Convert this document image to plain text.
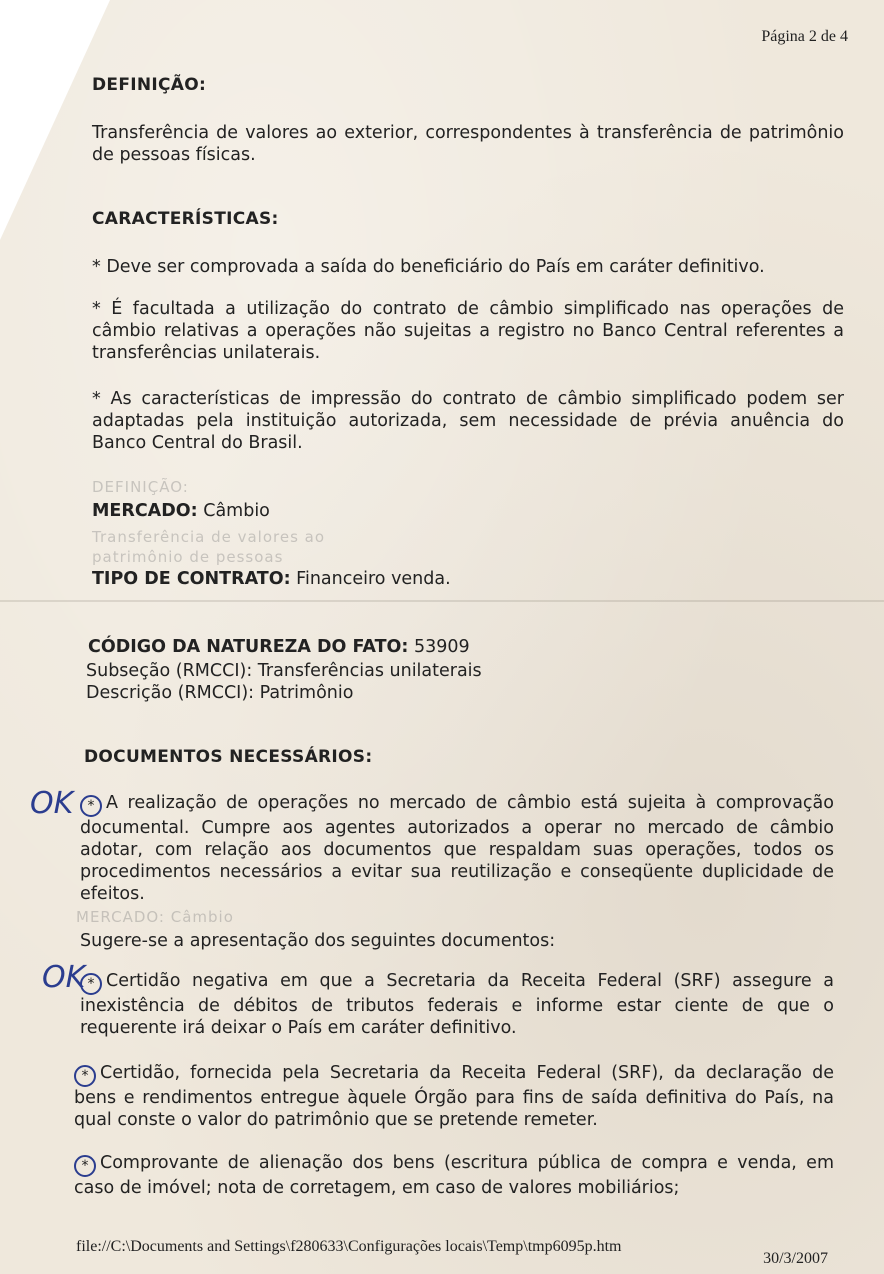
Página 2 de 4
DEFINIÇÃO:
Transferência de valores ao exterior, correspondentes à transferência de patrimônio de pessoas físicas.
CARACTERÍSTICAS:
* Deve ser comprovada a saída do beneficiário do País em caráter definitivo.
* É facultada a utilização do contrato de câmbio simplificado nas operações de câmbio relativas a operações não sujeitas a registro no Banco Central referentes a transferências unilaterais.
* As características de impressão do contrato de câmbio simplificado podem ser adaptadas pela instituição autorizada, sem necessidade de prévia anuência do Banco Central do Brasil.
DEFINIÇÃO:
Transferência de valores ao
patrimônio de pessoas
MERCADO: Câmbio
MERCADO: Câmbio
TIPO DE CONTRATO: Financeiro venda.
CÓDIGO DA NATUREZA DO FATO: 53909
Subseção (RMCCI): Transferências unilaterais
Descrição (RMCCI): Patrimônio
DOCUMENTOS NECESSÁRIOS:
OK	* A realização de operações no mercado de câmbio está sujeita à comprovação documental. Cumpre aos agentes autorizados a operar no mercado de câmbio adotar, com relação aos documentos que respaldam suas operações, todos os procedimentos necessários a evitar sua reutilização e conseqüente duplicidade de efeitos.
Sugere-se a apresentação dos seguintes documentos:
OK * Certidão negativa em que a Secretaria da Receita Federal (SRF) assegure a inexistência de débitos de tributos federais e informe estar ciente de que o requerente irá deixar o País em caráter definitivo.
* Certidão, fornecida pela Secretaria da Receita Federal (SRF), da declaração de bens e rendimentos entregue àquele Órgão para fins de saída definitiva do País, na qual conste o valor do patrimônio que se pretende remeter.
* Comprovante de alienação dos bens (escritura pública de compra e venda, em caso de imóvel; nota de corretagem, em caso de valores mobiliários;
file://C:\Documents and Settings\f280633\Configurações locais\Temp\tmp6095p.htm
30/3/2007
